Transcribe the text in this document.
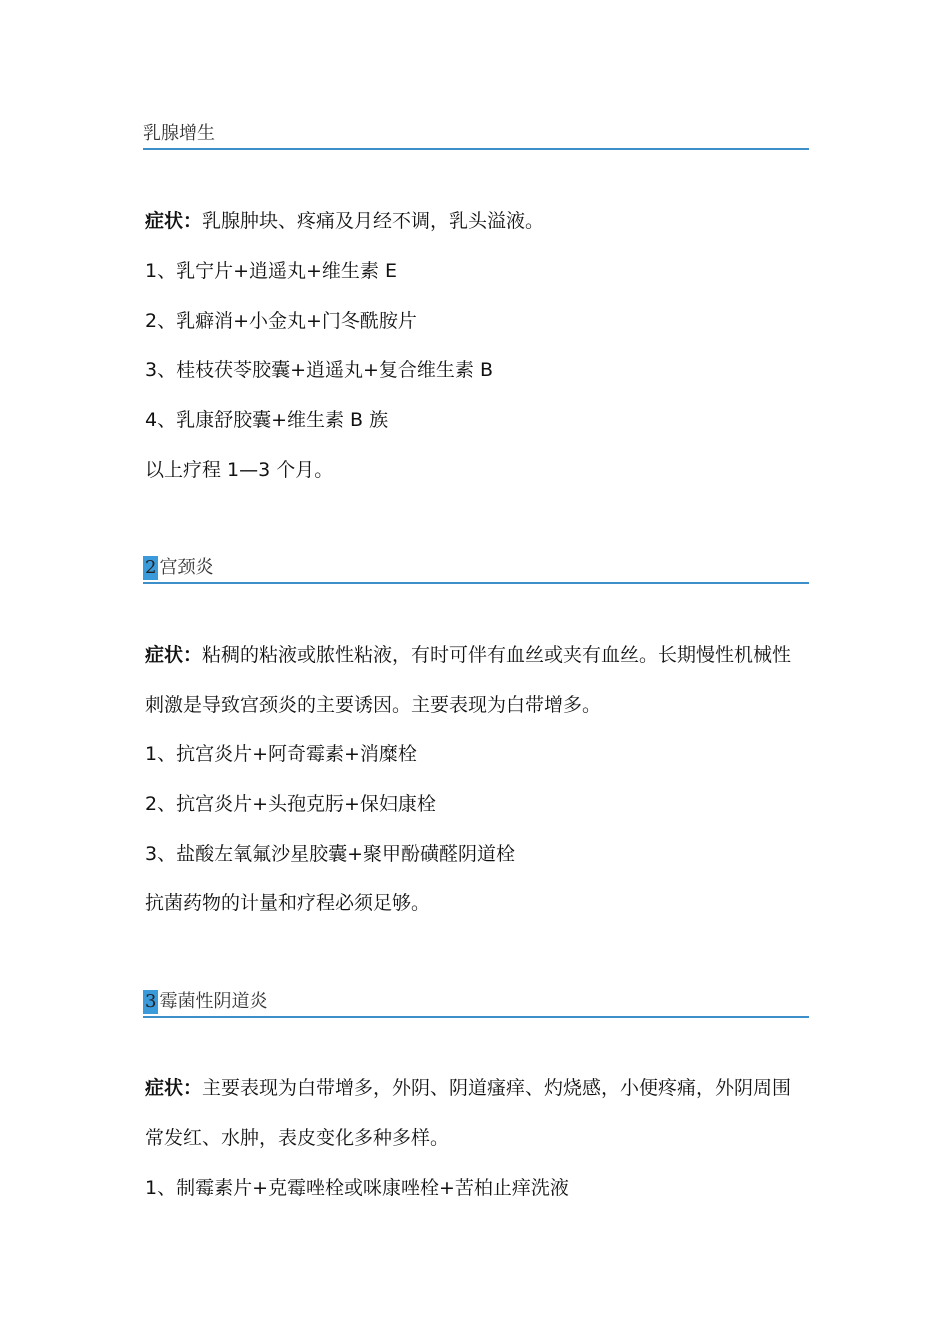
乳腺增生

症状：乳腺肿块、疼痛及月经不调，乳头溢液。

1、乳宁片+逍遥丸+维生素 E

2、乳癖消+小金丸+门冬酰胺片

3、桂枝茯苓胶囊+逍遥丸+复合维生素 B

4、乳康舒胶囊+维生素 B 族

以上疗程 1—3 个月。

2 宫颈炎

症状：粘稠的粘液或脓性粘液，有时可伴有血丝或夹有血丝。长期慢性机械性刺激是导致宫颈炎的主要诱因。主要表现为白带增多。

1、抗宫炎片+阿奇霉素+消糜栓

2、抗宫炎片+头孢克肟+保妇康栓

3、盐酸左氧氟沙星胶囊+聚甲酚磺醛阴道栓

抗菌药物的计量和疗程必须足够。

3 霉菌性阴道炎

症状：主要表现为白带增多，外阴、阴道瘙痒、灼烧感，小便疼痛，外阴周围常发红、水肿，表皮变化多种多样。

1、制霉素片+克霉唑栓或咪康唑栓+苦柏止痒洗液
